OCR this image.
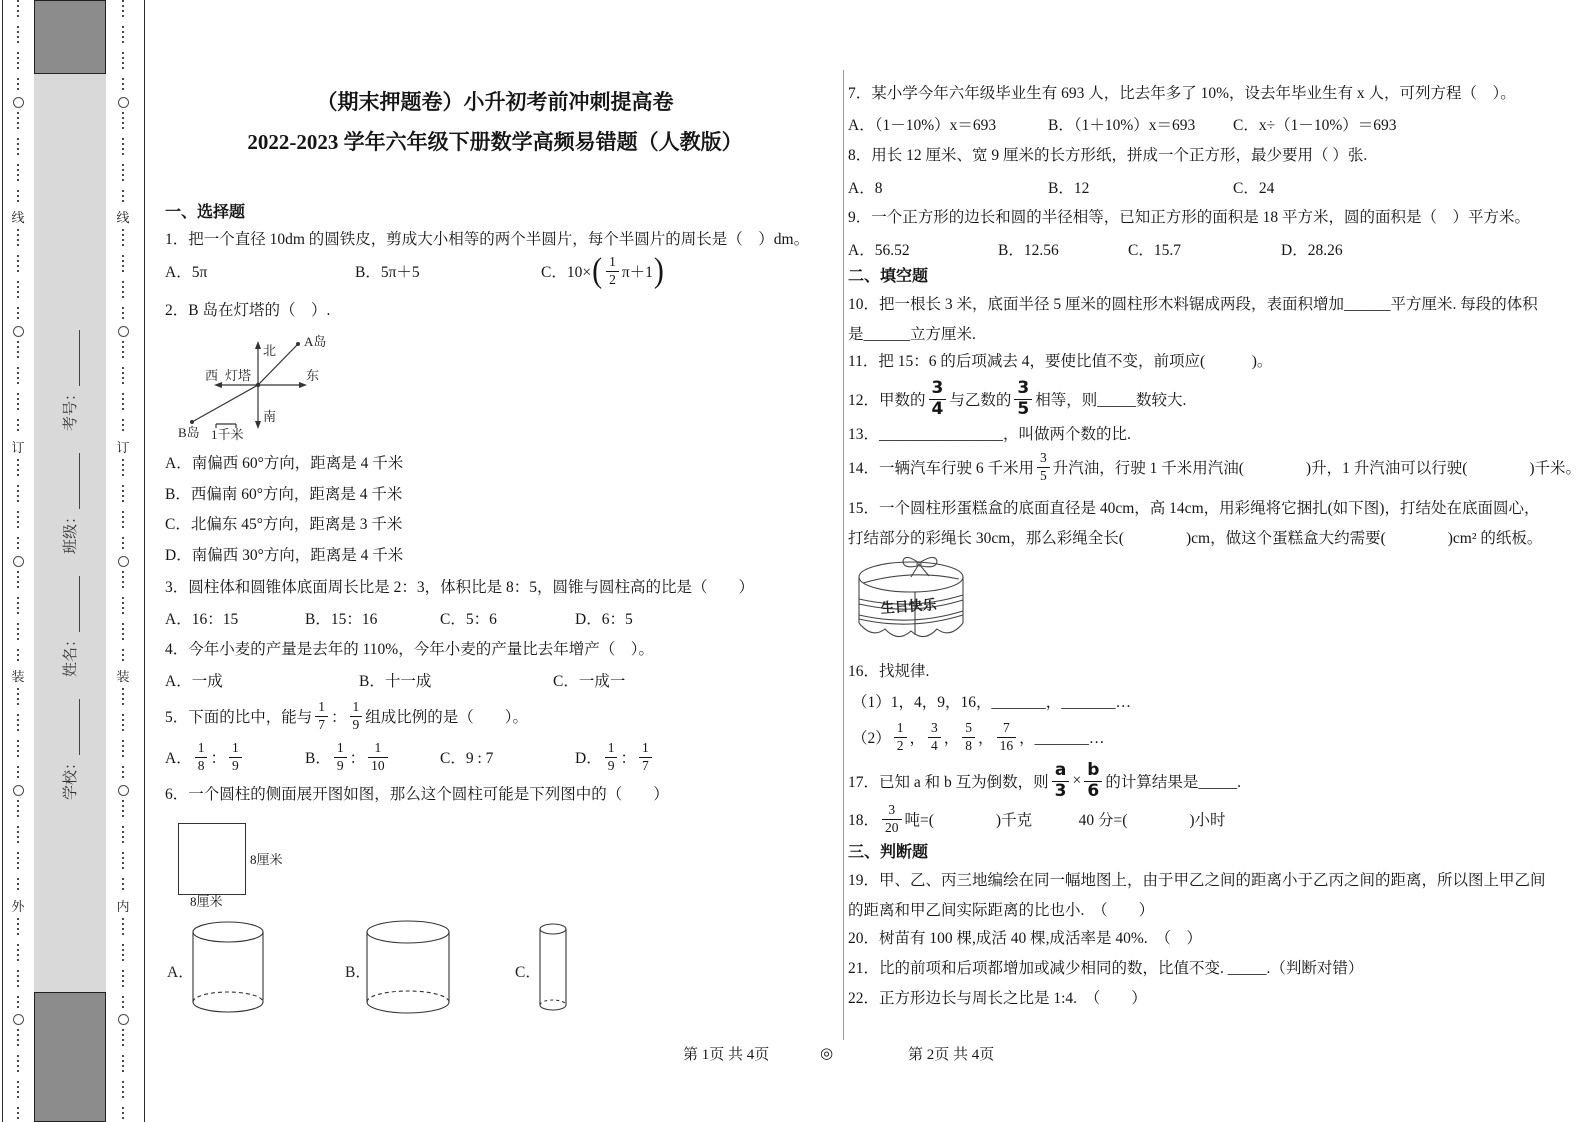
学校：
姓名：
班级：
考号：
线
订
装
外
线
订
装
内
（期末押题卷）小升初考前冲刺提高卷
2022-2023 学年六年级下册数学高频易错题（人教版）
一、选择题
1．把一个直径 10dm 的圆铁皮，剪成大小相等的两个半圆片，每个半圆片的周长是（　）dm。
A．5π	B．5π＋5	C．10× ( $\frac{1}{2} \pi+1$ )
2．B 岛在灯塔的（　）.
北
南
西 灯塔	东
A岛
B岛 1千米
A．南偏西 60°方向，距离是 4 千米
B．西偏南 60°方向，距离是 4 千米
C．北偏东 45°方向，距离是 3 千米
D．南偏西 30°方向，距离是 4 千米
3．圆柱体和圆锥体底面周长比是 2：3，体积比是 8：5，圆锥与圆柱高的比是（　　）
A．16：15	B．15：16	C．5：6	D．6：5
4．今年小麦的产量是去年的 110%，今年小麦的产量比去年增产（　）。
A．一成	B．十一成	C．一成一
5．下面的比中，能与 $\frac{1}{7}$ ： $\frac{1}{9}$ 组成比例的是（　　）。
A． $\frac{1}{8}$ ： $\frac{1}{9}$	B． $\frac{1}{9}$ ： $\frac{1}{10}$	C．9 : 7	D． $\frac{1}{9}$ ： $\frac{1}{7}$
6．一个圆柱的侧面展开图如图，那么这个圆柱可能是下列图中的（　　）
8厘米
8厘米
A．	B．	C．
7．某小学今年六年级毕业生有 693 人，比去年多了 10%，设去年毕业生有 x 人，可列方程（　）。
A．（1－10%）x＝693	B．（1＋10%）x＝693	C．x÷（1－10%）＝693
8．用长 12 厘米、宽 9 厘米的长方形纸，拼成一个正方形，最少要用（ ）张.
A．8	B．12	C．24
9．一个正方形的边长和圆的半径相等，已知正方形的面积是 18 平方米，圆的面积是（　）平方米。
A．56.52	B．12.56	C．15.7	D．28.26
二、填空题
10．把一根长 3 米，底面半径 5 厘米的圆柱形木料锯成两段，表面积增加______平方厘米. 每段的体积是______立方厘米.
11．把 15：6 的后项减去 4，要使比值不变，前项应(　　　)。
12．甲数的 $\frac{3}{4}$ 与乙数的 $\frac{3}{5}$ 相等，则_____数较大.
13．________________，叫做两个数的比.
14．一辆汽车行驶 6 千米用 $\frac{3}{5}$ 升汽油，行驶 1 千米用汽油(　　　　)升，1 升汽油可以行驶(　　　　)千米。
15．一个圆柱形蛋糕盒的底面直径是 40cm，高 14cm，用彩绳将它捆扎(如下图)，打结处在底面圆心，打结部分的彩绳长 30cm，那么彩绳全长(　　　　)cm，做这个蛋糕盒大约需要(　　　　)cm² 的纸板。
生日快乐
16．找规律.
（1）1，4，9，16，_______，_______…
$(2) \frac{1}{2}$ ， $\frac{3}{4}$ ， $\frac{5}{8}$ ， $\frac{7}{16}$ ，_______…
17．已知 a 和 b 互为倒数，则 $\frac{a}{3} \times \frac{b}{6}$ 的计算结果是_____.
18． $\frac{3}{20}$ 吨=(　　　　)千克　　　40 分=(　　　　)小时
三、判断题
19．甲、乙、丙三地编绘在同一幅地图上，由于甲乙之间的距离小于乙丙之间的距离，所以图上甲乙间的距离和甲乙间实际距离的比也小.　（　　）
20．树苗有 100 棵,成活 40 棵,成活率是 40%.　（　）
21．比的前项和后项都增加或减少相同的数，比值不变. _____.（判断对错）
22．正方形边长与周长之比是 1:4.　（　　）
第 1页 共 4页	◎	第 2页 共 4页
